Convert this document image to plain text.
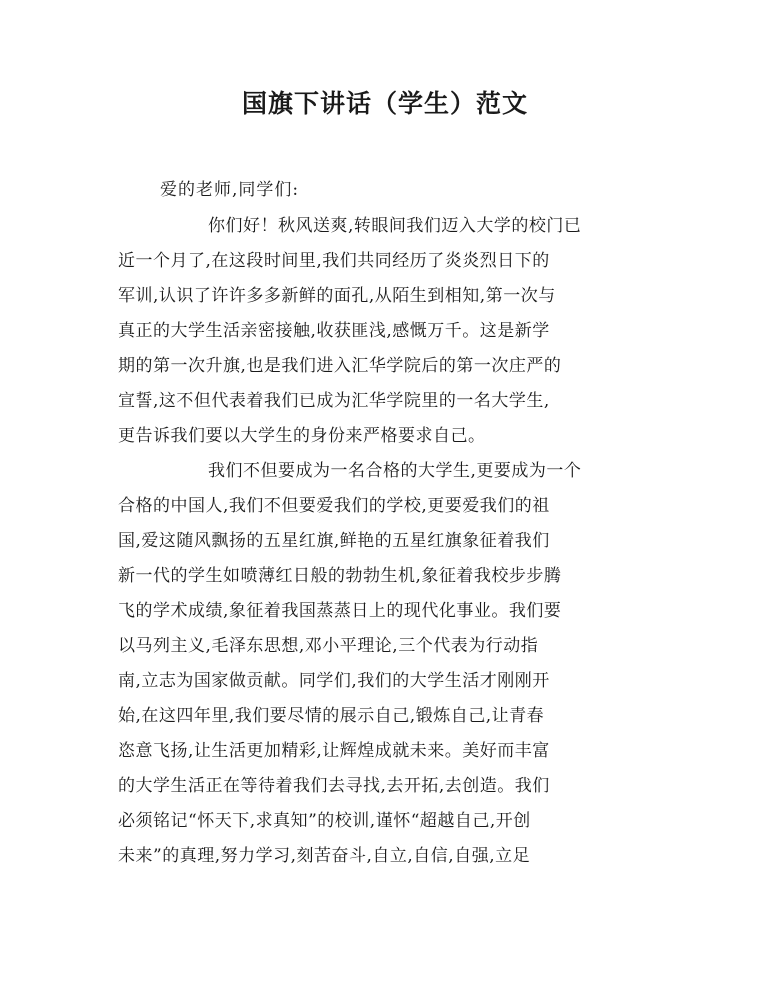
国旗下讲话（学生）范文
爱的老师,同学们:
你们好！秋风送爽,转眼间我们迈入大学的校门已
近一个月了,在这段时间里,我们共同经历了炎炎烈日下的
军训,认识了许许多多新鲜的面孔,从陌生到相知,第一次与
真正的大学生活亲密接触,收获匪浅,感慨万千。这是新学
期的第一次升旗,也是我们进入汇华学院后的第一次庄严的
宣誓,这不但代表着我们已成为汇华学院里的一名大学生,
更告诉我们要以大学生的身份来严格要求自己。
我们不但要成为一名合格的大学生,更要成为一个
合格的中国人,我们不但要爱我们的学校,更要爱我们的祖
国,爱这随风飘扬的五星红旗,鲜艳的五星红旗象征着我们
新一代的学生如喷薄红日般的勃勃生机,象征着我校步步腾
飞的学术成绩,象征着我国蒸蒸日上的现代化事业。我们要
以马列主义,毛泽东思想,邓小平理论,三个代表为行动指
南,立志为国家做贡献。同学们,我们的大学生活才刚刚开
始,在这四年里,我们要尽情的展示自己,锻炼自己,让青春
恣意飞扬,让生活更加精彩,让辉煌成就未来。美好而丰富
的大学生活正在等待着我们去寻找,去开拓,去创造。我们
必须铭记“怀天下,求真知”的校训,谨怀“超越自己,开创
未来”的真理,努力学习,刻苦奋斗,自立,自信,自强,立足
